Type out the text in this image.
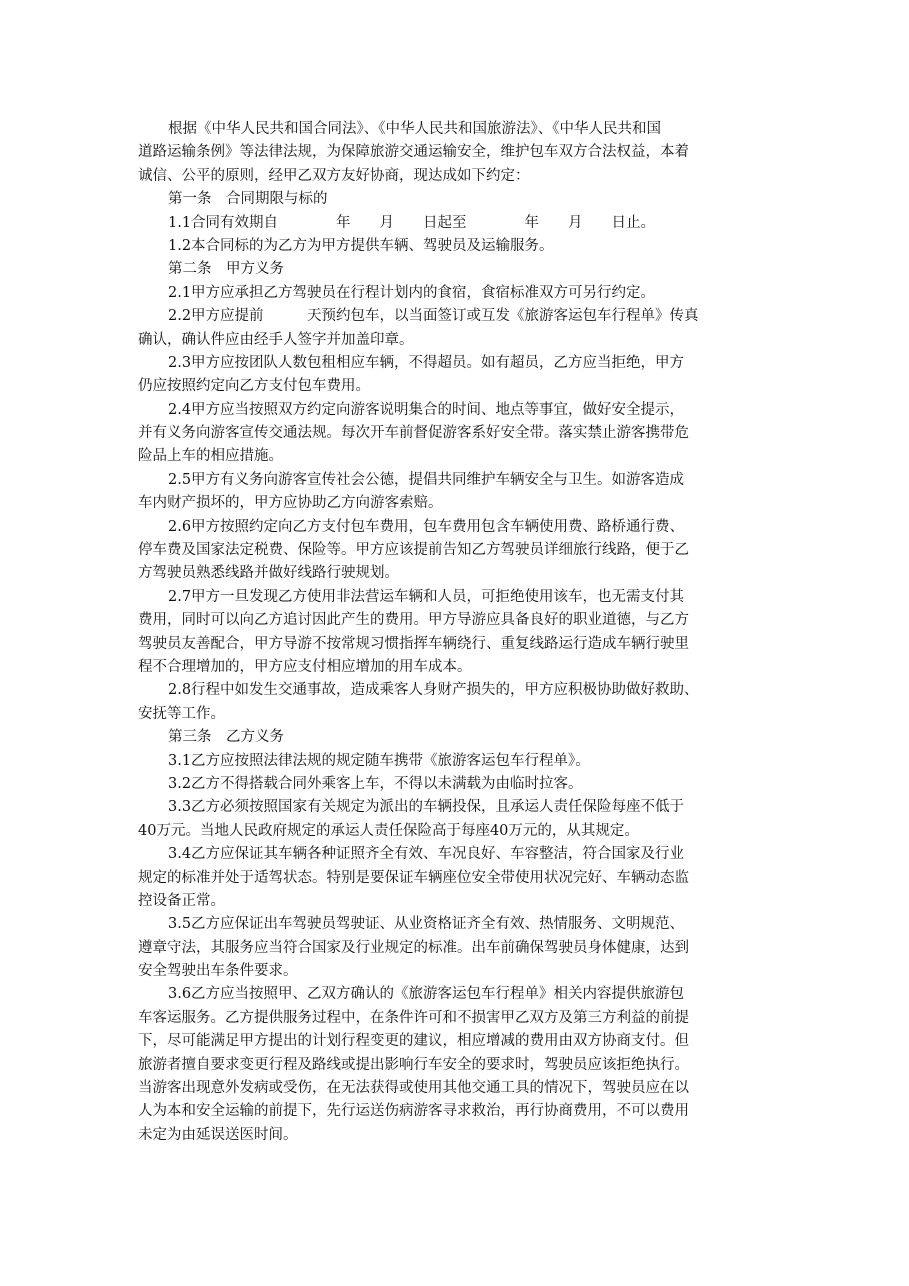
根据《中华人民共和国合同法》、《中华人民共和国旅游法》、《中华人民共和国
道路运输条例》等法律法规，为保障旅游交通运输安全，维护包车双方合法权益，本着
诚信、公平的原则，经甲乙双方友好协商，现达成如下约定：
第一条　合同期限与标的
1.1合同有效期自　　　　年　　月　　日起至　　　　年　　月　　日止。
1.2本合同标的为乙方为甲方提供车辆、驾驶员及运输服务。
第二条　甲方义务
2.1甲方应承担乙方驾驶员在行程计划内的食宿，食宿标准双方可另行约定。
2.2甲方应提前　　　天预约包车，以当面签订或互发《旅游客运包车行程单》传真
确认，确认件应由经手人签字并加盖印章。
2.3甲方应按团队人数包租相应车辆，不得超员。如有超员，乙方应当拒绝，甲方
仍应按照约定向乙方支付包车费用。
2.4甲方应当按照双方约定向游客说明集合的时间、地点等事宜，做好安全提示，
并有义务向游客宣传交通法规。每次开车前督促游客系好安全带。落实禁止游客携带危
险品上车的相应措施。
2.5甲方有义务向游客宣传社会公德，提倡共同维护车辆安全与卫生。如游客造成
车内财产损坏的，甲方应协助乙方向游客索赔。
2.6甲方按照约定向乙方支付包车费用，包车费用包含车辆使用费、路桥通行费、
停车费及国家法定税费、保险等。甲方应该提前告知乙方驾驶员详细旅行线路，便于乙
方驾驶员熟悉线路并做好线路行驶规划。
2.7甲方一旦发现乙方使用非法营运车辆和人员，可拒绝使用该车，也无需支付其
费用，同时可以向乙方追讨因此产生的费用。甲方导游应具备良好的职业道德，与乙方
驾驶员友善配合，甲方导游不按常规习惯指挥车辆绕行、重复线路运行造成车辆行驶里
程不合理增加的，甲方应支付相应增加的用车成本。
2.8行程中如发生交通事故，造成乘客人身财产损失的，甲方应积极协助做好救助、
安抚等工作。
第三条　乙方义务
3.1乙方应按照法律法规的规定随车携带《旅游客运包车行程单》。
3.2乙方不得搭载合同外乘客上车，不得以未满载为由临时拉客。
3.3乙方必须按照国家有关规定为派出的车辆投保，且承运人责任保险每座不低于
40万元。当地人民政府规定的承运人责任保险高于每座40万元的，从其规定。
3.4乙方应保证其车辆各种证照齐全有效、车况良好、车容整洁，符合国家及行业
规定的标准并处于适驾状态。特别是要保证车辆座位安全带使用状况完好、车辆动态监
控设备正常。
3.5乙方应保证出车驾驶员驾驶证、从业资格证齐全有效、热情服务、文明规范、
遵章守法，其服务应当符合国家及行业规定的标准。出车前确保驾驶员身体健康，达到
安全驾驶出车条件要求。
3.6乙方应当按照甲、乙双方确认的《旅游客运包车行程单》相关内容提供旅游包
车客运服务。乙方提供服务过程中，在条件许可和不损害甲乙双方及第三方利益的前提
下，尽可能满足甲方提出的计划行程变更的建议，相应增减的费用由双方协商支付。但
旅游者擅自要求变更行程及路线或提出影响行车安全的要求时，驾驶员应该拒绝执行。
当游客出现意外发病或受伤，在无法获得或使用其他交通工具的情况下，驾驶员应在以
人为本和安全运输的前提下，先行运送伤病游客寻求救治，再行协商费用，不可以费用
未定为由延误送医时间。
